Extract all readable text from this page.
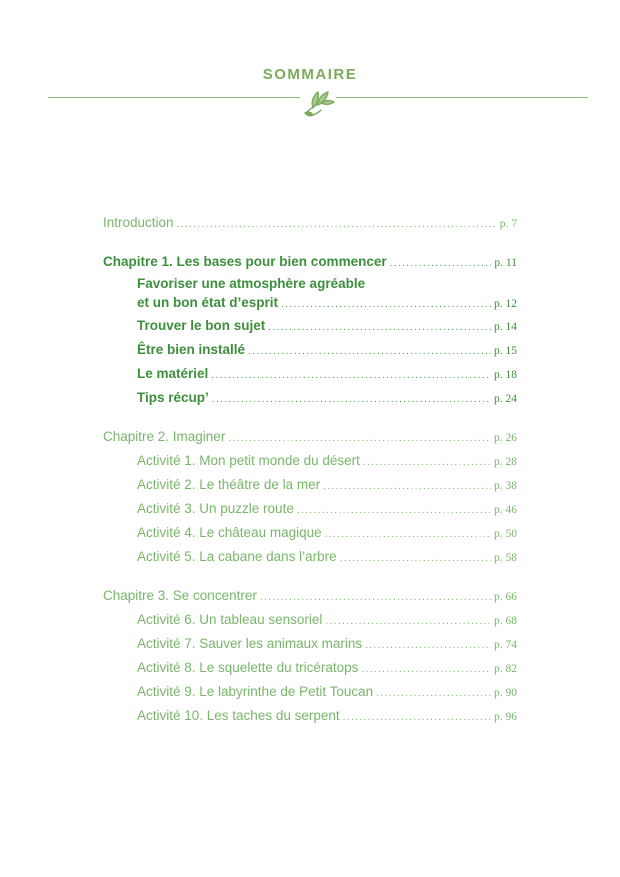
SOMMAIRE
Introduction .....	p. 7
Chapitre 1. Les bases pour bien commencer .....	p. 11
Favoriser une atmosphère agréable
et un bon état d’esprit .....	p. 12
Trouver le bon sujet .....	p. 14
Être bien installé .....	p. 15
Le matériel .....	p. 18
Tips récup’ .....	p. 24
Chapitre 2. Imaginer .....	p. 26
Activité 1. Mon petit monde du désert .....	p. 28
Activité 2. Le théâtre de la mer .....	p. 38
Activité 3. Un puzzle route .....	p. 46
Activité 4. Le château magique .....	p. 50
Activité 5. La cabane dans l’arbre .....	p. 58
Chapitre 3. Se concentrer .....	p. 66
Activité 6. Un tableau sensoriel .....	p. 68
Activité 7. Sauver les animaux marins .....	p. 74
Activité 8. Le squelette du tricératops .....	p. 82
Activité 9. Le labyrinthe de Petit Toucan .....	p. 90
Activité 10. Les taches du serpent .....	p. 96
